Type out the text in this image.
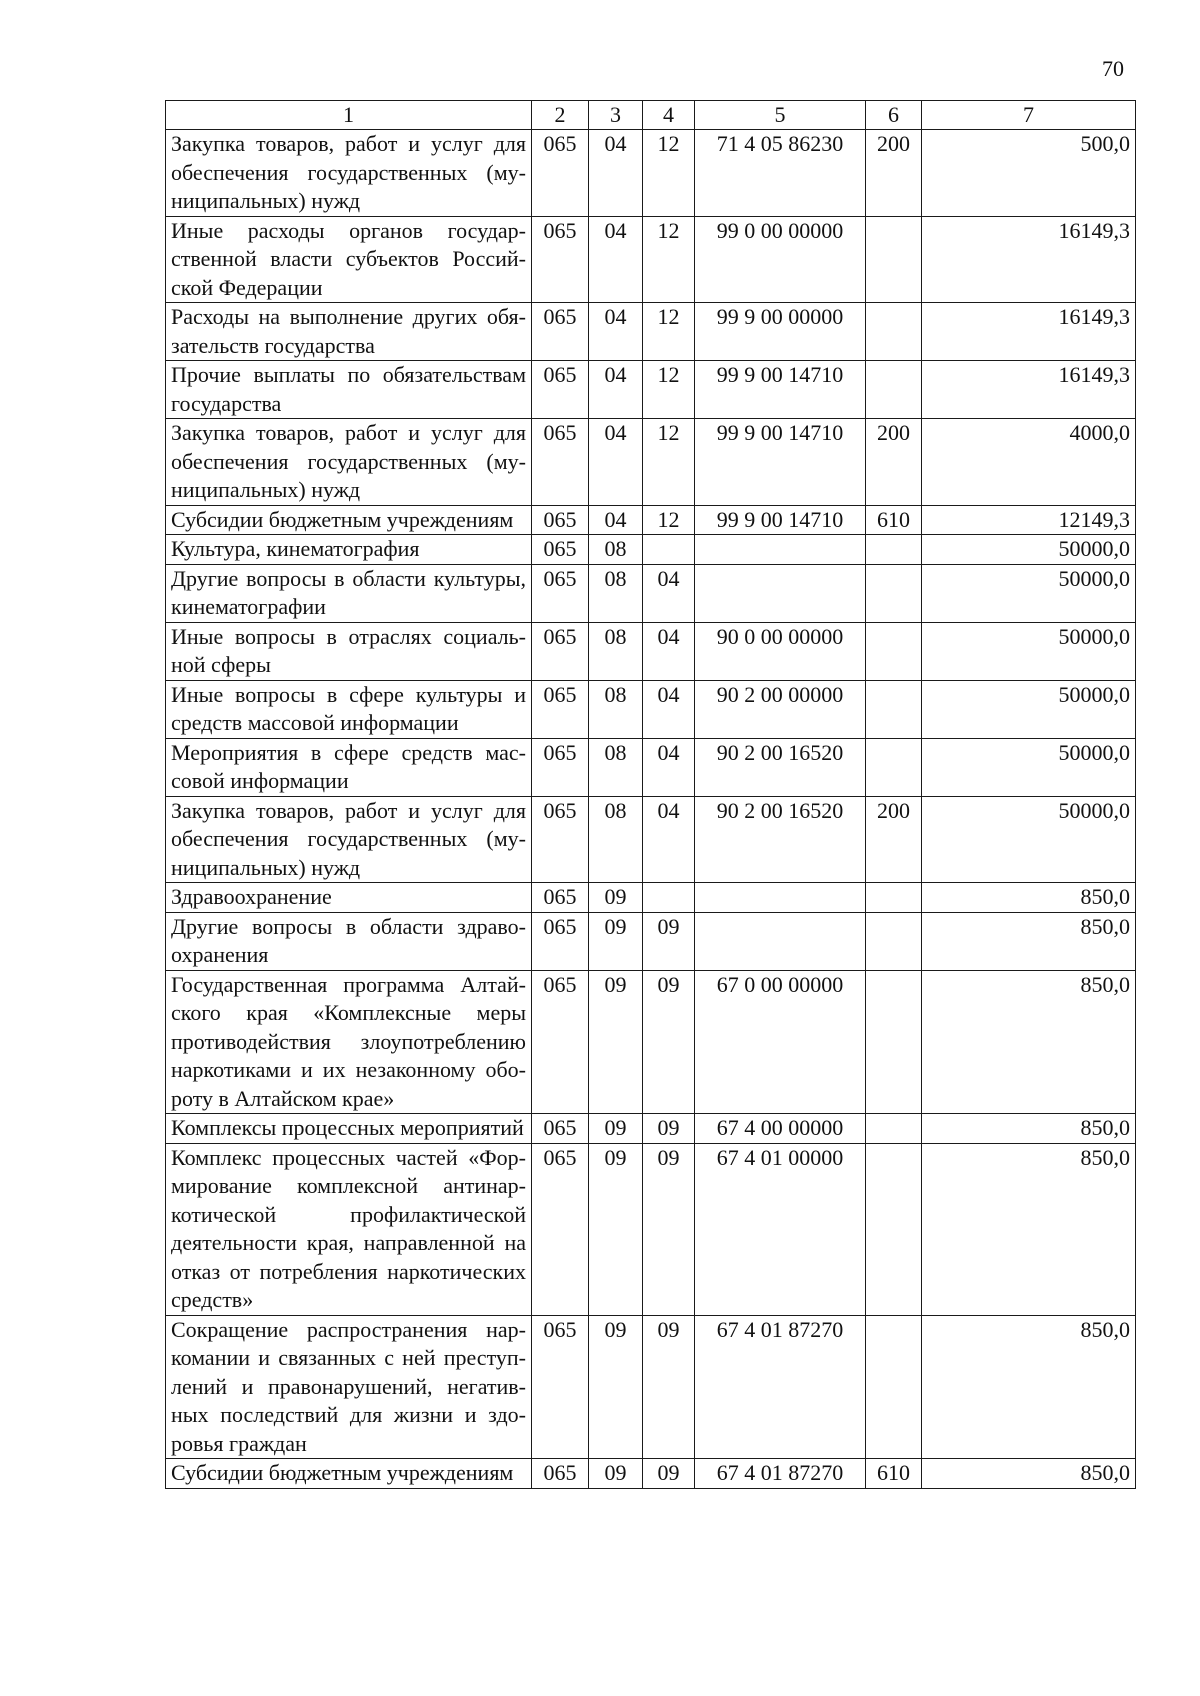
70
1	2	3	4	5	6	7
Закупка товаров, работ и услуг для обеспечения государственных (муниципальных) нужд	065	04	12	71 4 05 86230	200	500,0
Иные расходы органов государственной власти субъектов Российской Федерации	065	04	12	99 0 00 00000		16149,3
Расходы на выполнение других обязательств государства	065	04	12	99 9 00 00000		16149,3
Прочие выплаты по обязательствам государства	065	04	12	99 9 00 14710		16149,3
Закупка товаров, работ и услуг для обеспечения государственных (муниципальных) нужд	065	04	12	99 9 00 14710	200	4000,0
Субсидии бюджетным учреждениям	065	04	12	99 9 00 14710	610	12149,3
Культура, кинематография	065	08				50000,0
Другие вопросы в области культуры, кинематографии	065	08	04			50000,0
Иные вопросы в отраслях социальной сферы	065	08	04	90 0 00 00000		50000,0
Иные вопросы в сфере культуры и средств массовой информации	065	08	04	90 2 00 00000		50000,0
Мероприятия в сфере средств массовой информации	065	08	04	90 2 00 16520		50000,0
Закупка товаров, работ и услуг для обеспечения государственных (муниципальных) нужд	065	08	04	90 2 00 16520	200	50000,0
Здравоохранение	065	09				850,0
Другие вопросы в области здравоохранения	065	09	09			850,0
Государственная программа Алтайского края «Комплексные меры противодействия злоупотреблению наркотиками и их незаконному обороту в Алтайском крае»	065	09	09	67 0 00 00000		850,0
Комплексы процессных мероприятий	065	09	09	67 4 00 00000		850,0
Комплекс процессных частей «Формирование комплексной антинаркотической профилактической деятельности края, направленной на отказ от потребления наркотических средств»	065	09	09	67 4 01 00000		850,0
Сокращение распространения наркомании и связанных с ней преступлений и правонарушений, негативных последствий для жизни и здоровья граждан	065	09	09	67 4 01 87270		850,0
Субсидии бюджетным учреждениям	065	09	09	67 4 01 87270	610	850,0
